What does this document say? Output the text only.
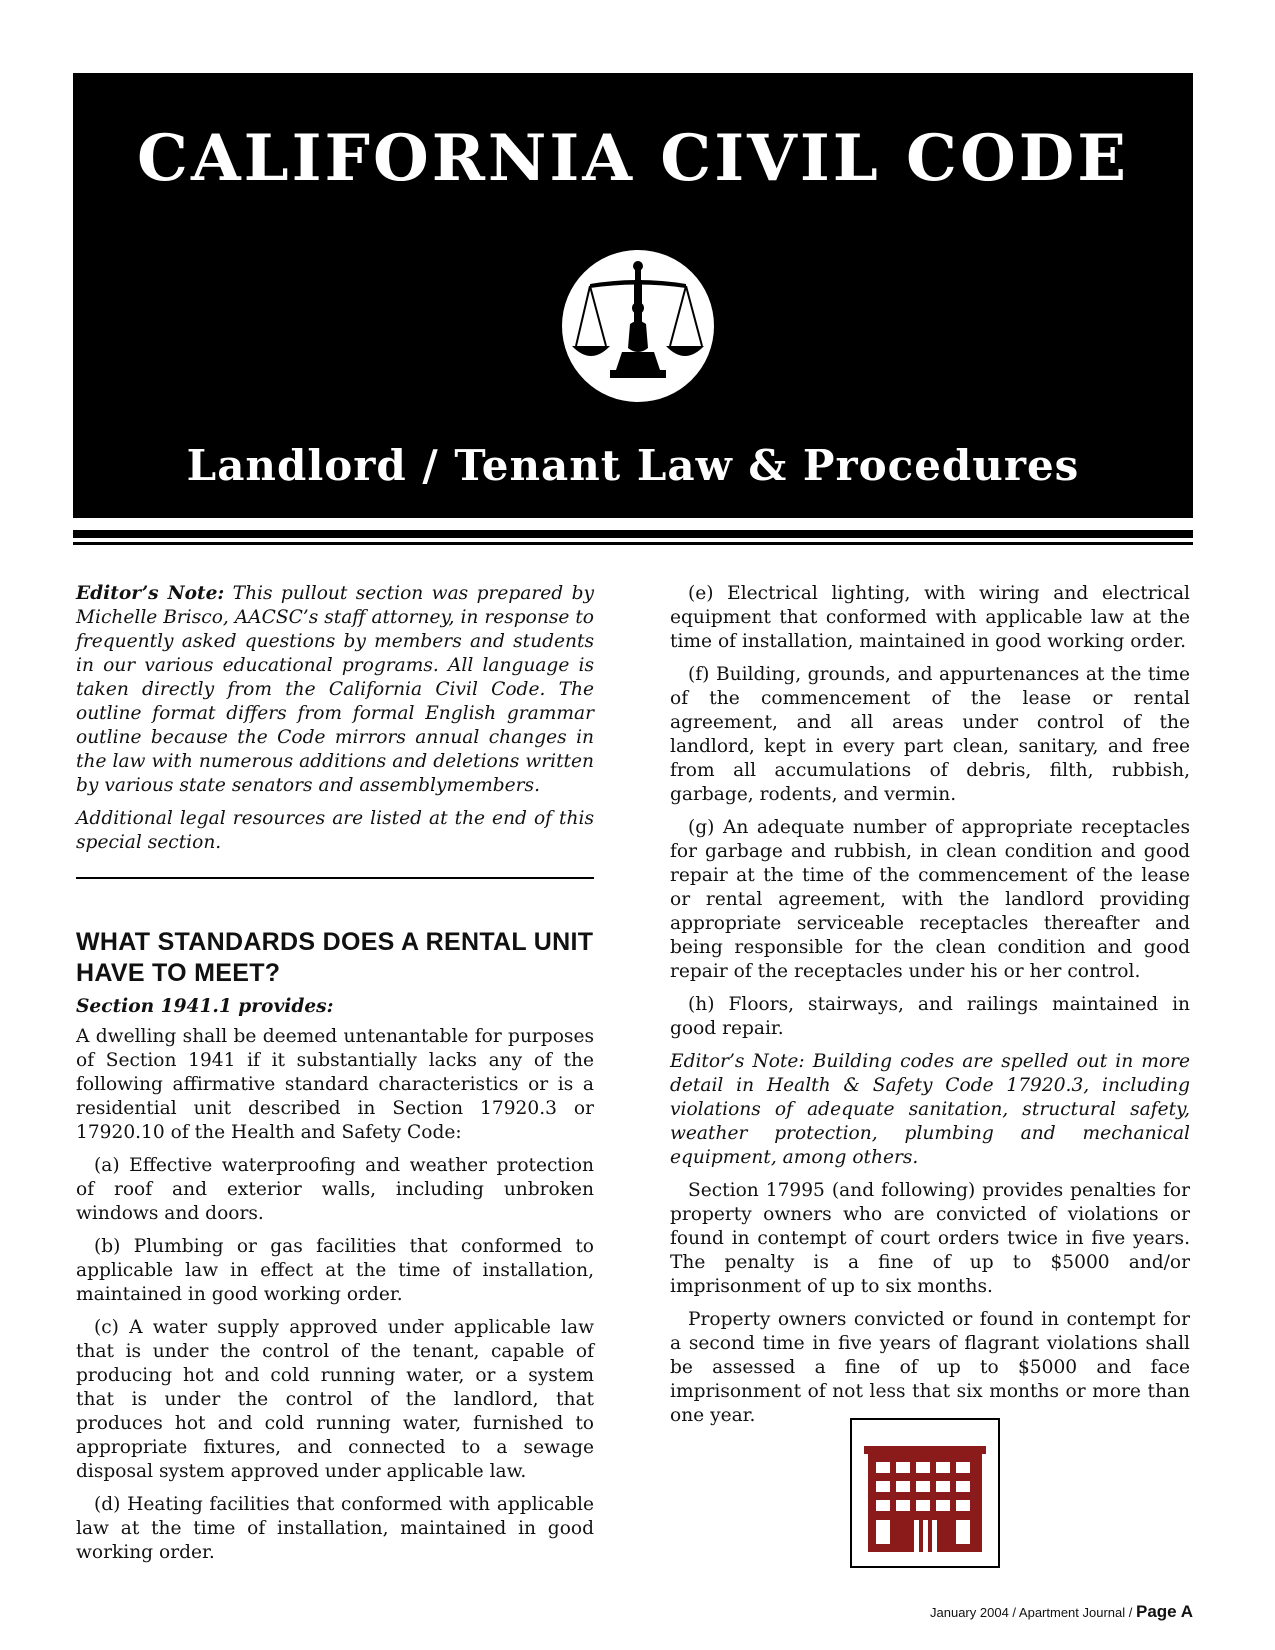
CALIFORNIA CIVIL CODE
Landlord / Tenant Law & Procedures

Editor’s Note: This pullout section was prepared by Michelle Brisco, AACSC’s staff attorney, in response to frequently asked questions by members and students in our various educational programs. All language is taken directly from the California Civil Code. The outline format differs from formal English grammar outline because the Code mirrors annual changes in the law with numerous additions and deletions written by various state senators and assemblymembers.

Additional legal resources are listed at the end of this special section.

WHAT STANDARDS DOES A RENTAL UNIT HAVE TO MEET?
Section 1941.1 provides:

A dwelling shall be deemed untenantable for purposes of Section 1941 if it substantially lacks any of the following affirmative standard characteristics or is a residential unit described in Section 17920.3 or 17920.10 of the Health and Safety Code:

(a) Effective waterproofing and weather protection of roof and exterior walls, including unbroken windows and doors.

(b) Plumbing or gas facilities that conformed to applicable law in effect at the time of installation, maintained in good working order.

(c) A water supply approved under applicable law that is under the control of the tenant, capable of producing hot and cold running water, or a system that is under the control of the landlord, that produces hot and cold running water, furnished to appropriate fixtures, and connected to a sewage disposal system approved under applicable law.

(d) Heating facilities that conformed with applicable law at the time of installation, maintained in good working order.

(e) Electrical lighting, with wiring and electrical equipment that conformed with applicable law at the time of installation, maintained in good working order.

(f) Building, grounds, and appurtenances at the time of the commencement of the lease or rental agreement, and all areas under control of the landlord, kept in every part clean, sanitary, and free from all accumulations of debris, filth, rubbish, garbage, rodents, and vermin.

(g) An adequate number of appropriate receptacles for garbage and rubbish, in clean condition and good repair at the time of the commencement of the lease or rental agreement, with the landlord providing appropriate serviceable receptacles thereafter and being responsible for the clean condition and good repair of the receptacles under his or her control.

(h) Floors, stairways, and railings maintained in good repair.

Editor’s Note: Building codes are spelled out in more detail in Health & Safety Code 17920.3, including violations of adequate sanitation, structural safety, weather protection, plumbing and mechanical equipment, among others.

Section 17995 (and following) provides penalties for property owners who are convicted of violations or found in contempt of court orders twice in five years. The penalty is a fine of up to $5000 and/or imprisonment of up to six months.

Property owners convicted or found in contempt for a second time in five years of flagrant violations shall be assessed a fine of up to $5000 and face imprisonment of not less that six months or more than one year.

January 2004 / Apartment Journal / Page A
